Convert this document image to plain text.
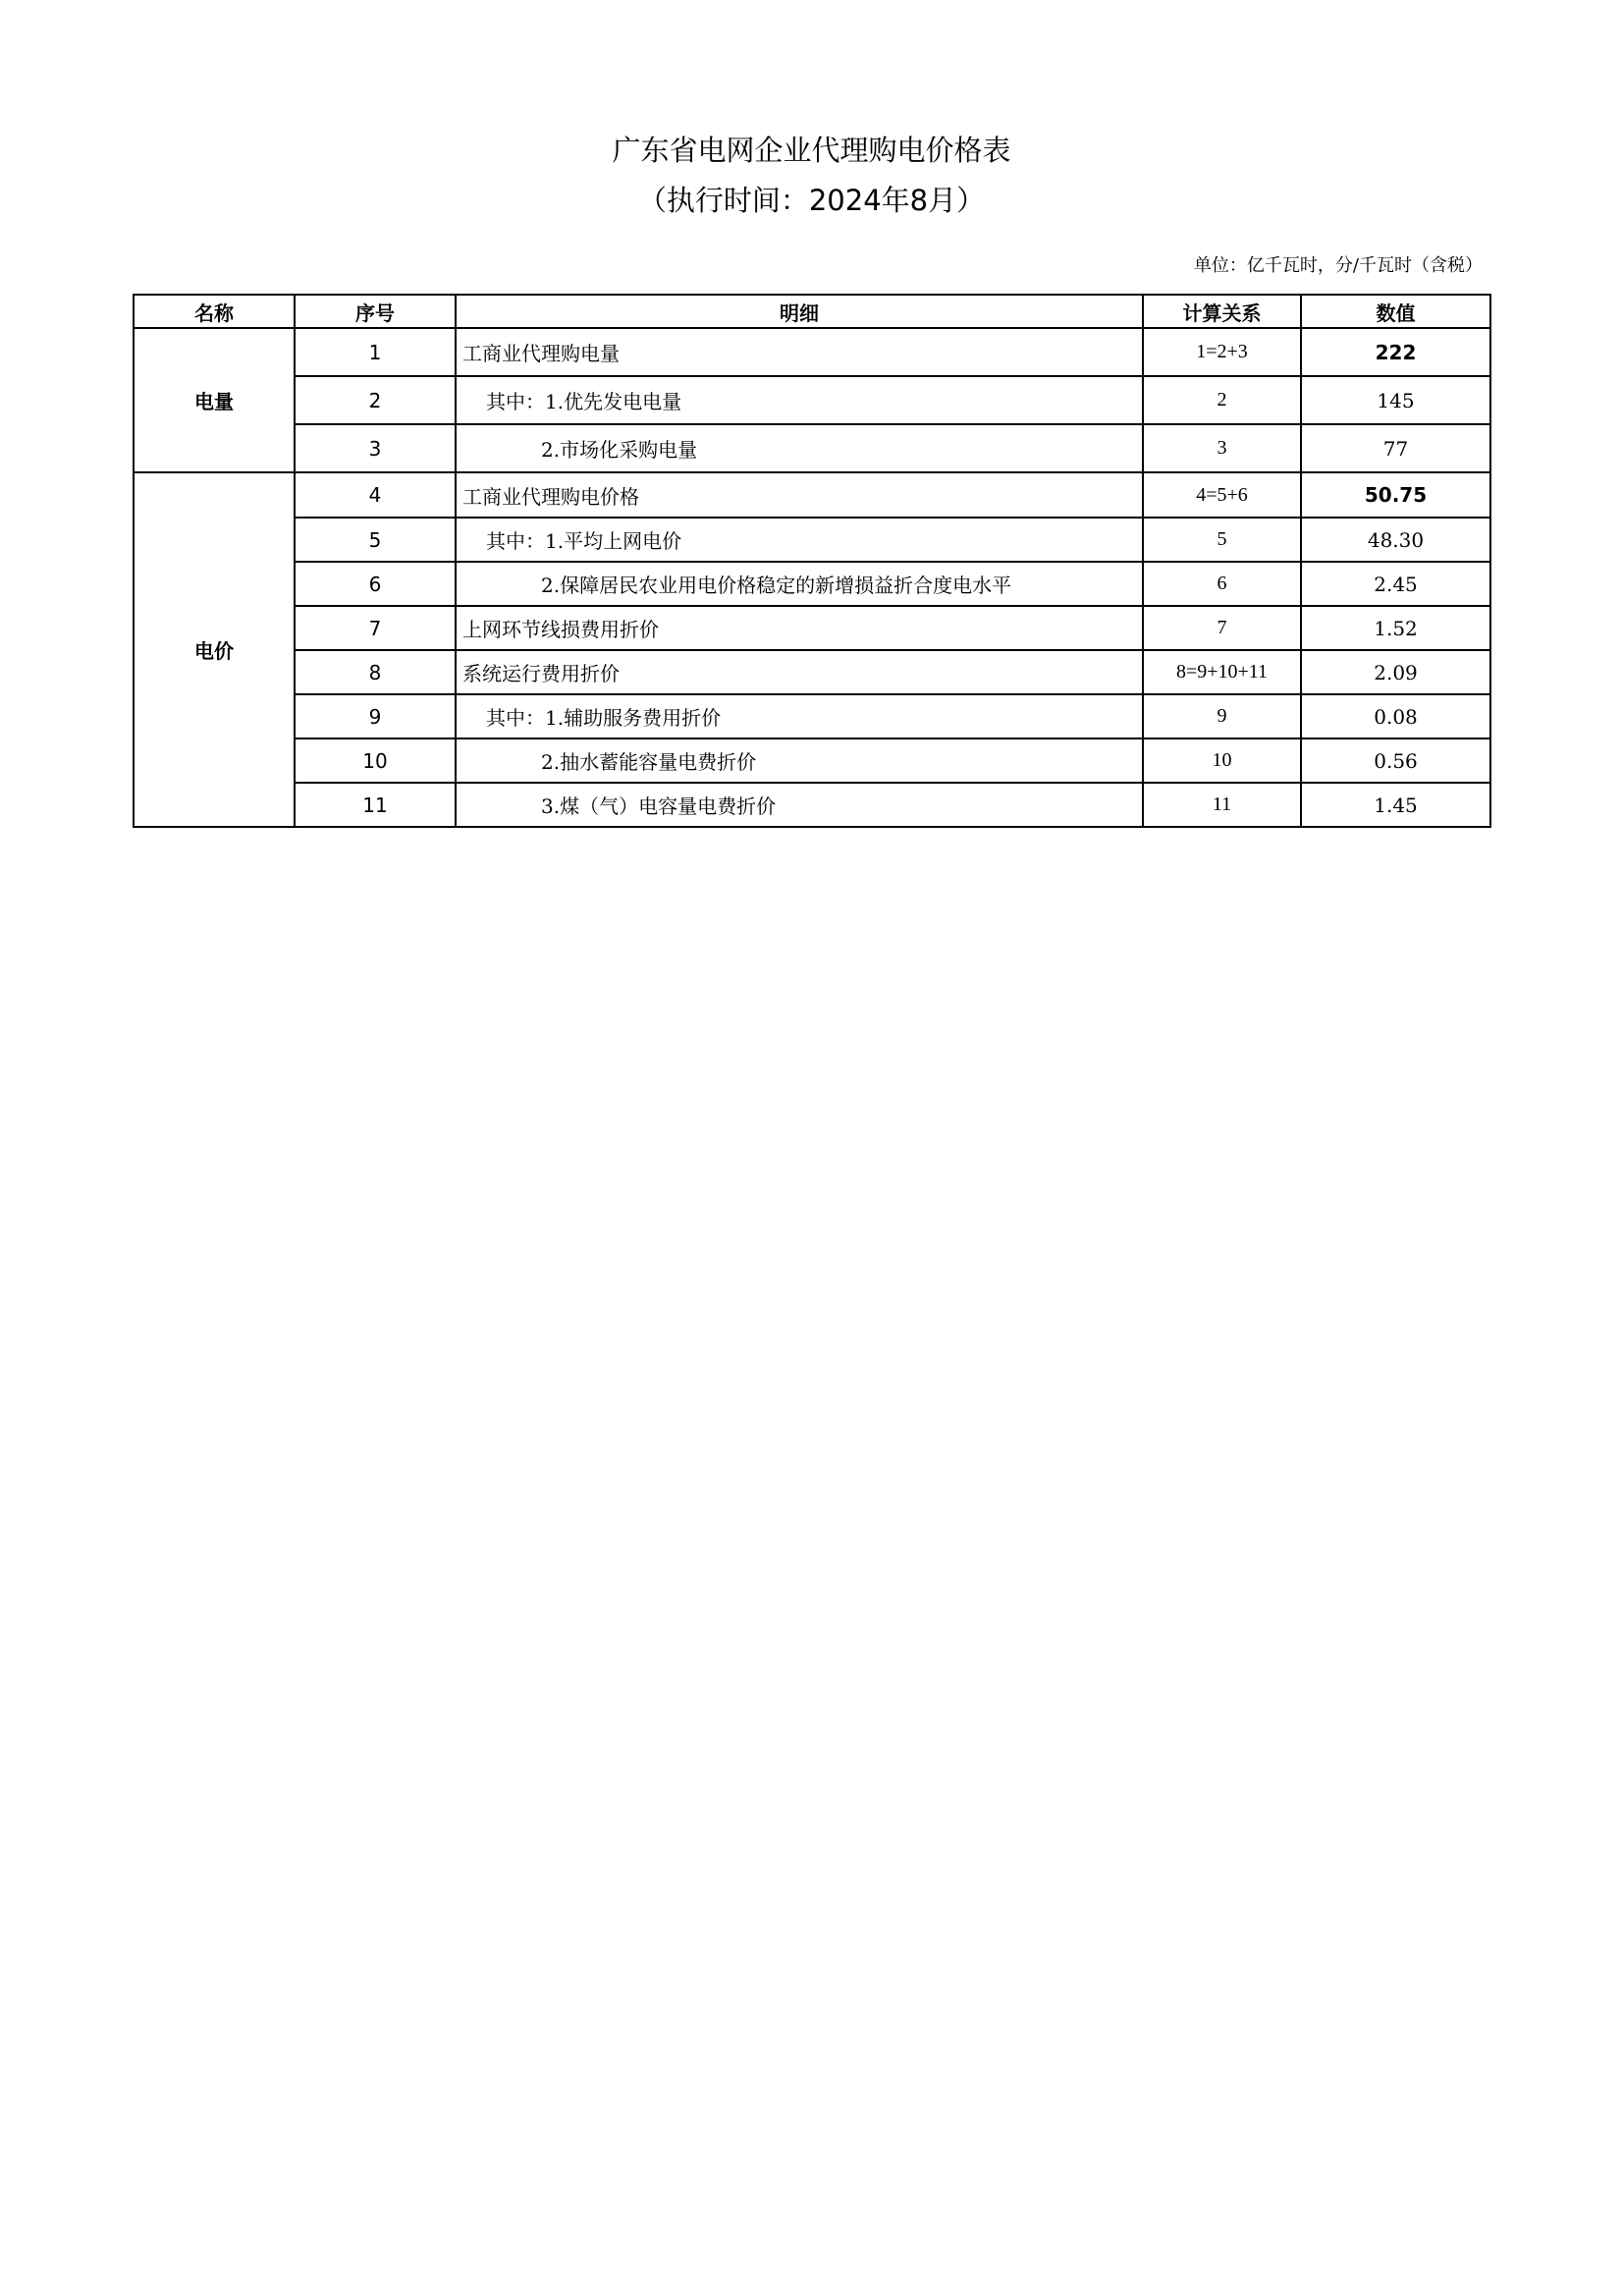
广东省电网企业代理购电价格表
（执行时间：2024年8月）
单位：亿千瓦时，分/千瓦时（含税）
名称	序号	明细	计算关系	数值
电量	1	工商业代理购电量	1=2+3	222
	2	其中：1.优先发电电量	2	145
	3	2.市场化采购电量	3	77
电价	4	工商业代理购电价格	4=5+6	50.75
	5	其中：1.平均上网电价	5	48.30
	6	2.保障居民农业用电价格稳定的新增损益折合度电水平	6	2.45
	7	上网环节线损费用折价	7	1.52
	8	系统运行费用折价	8=9+10+11	2.09
	9	其中：1.辅助服务费用折价	9	0.08
	10	2.抽水蓄能容量电费折价	10	0.56
	11	3.煤（气）电容量电费折价	11	1.45
